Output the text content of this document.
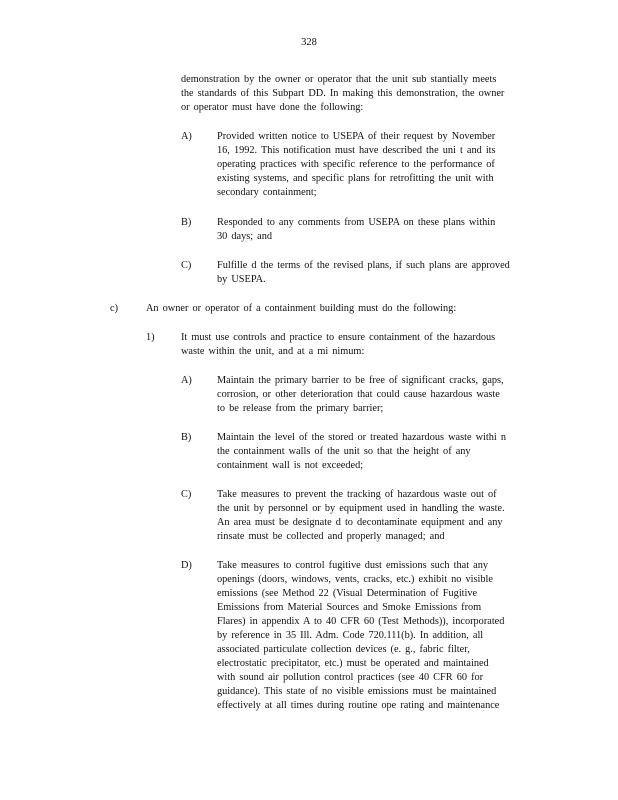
328
demonstration by the owner or operator that the unit sub stantially meets
the standards of this Subpart DD. In making this demonstration, the owner
or operator must have done the following:
A) Provided written notice to USEPA of their request by November
16, 1992. This notification must have described the uni t and its
operating practices with specific reference to the performance of
existing systems, and specific plans for retrofitting the unit with
secondary containment;
B) Responded to any comments from USEPA on these plans within
30 days; and
C) Fulfille d the terms of the revised plans, if such plans are approved
by USEPA.
c)	An owner or operator of a containment building must do the following:
1)	It must use controls and practice to ensure containment of the hazardous
waste within the unit, and at a mi nimum:
A) Maintain the primary barrier to be free of significant cracks, gaps,
corrosion, or other deterioration that could cause hazardous waste
to be release from the primary barrier;
B) Maintain the level of the stored or treated hazardous waste withi n
the containment walls of the unit so that the height of any
containment wall is not exceeded;
C) Take measures to prevent the tracking of hazardous waste out of
the unit by personnel or by equipment used in handling the waste.
An area must be designate d to decontaminate equipment and any
rinsate must be collected and properly managed; and
D) Take measures to control fugitive dust emissions such that any
openings (doors, windows, vents, cracks, etc.) exhibit no visible
emissions (see Method 22 (Visual Determination of Fugitive
Emissions from Material Sources and Smoke Emissions from
Flares) in appendix A to 40 CFR 60 (Test Methods)), incorporated
by reference in 35 Ill. Adm. Code 720.111(b). In addition, all
associated particulate collection devices (e. g., fabric filter,
electrostatic precipitator, etc.) must be operated and maintained
with sound air pollution control practices (see 40 CFR 60 for
guidance). This state of no visible emissions must be maintained
effectively at all times during routine ope rating and maintenance
